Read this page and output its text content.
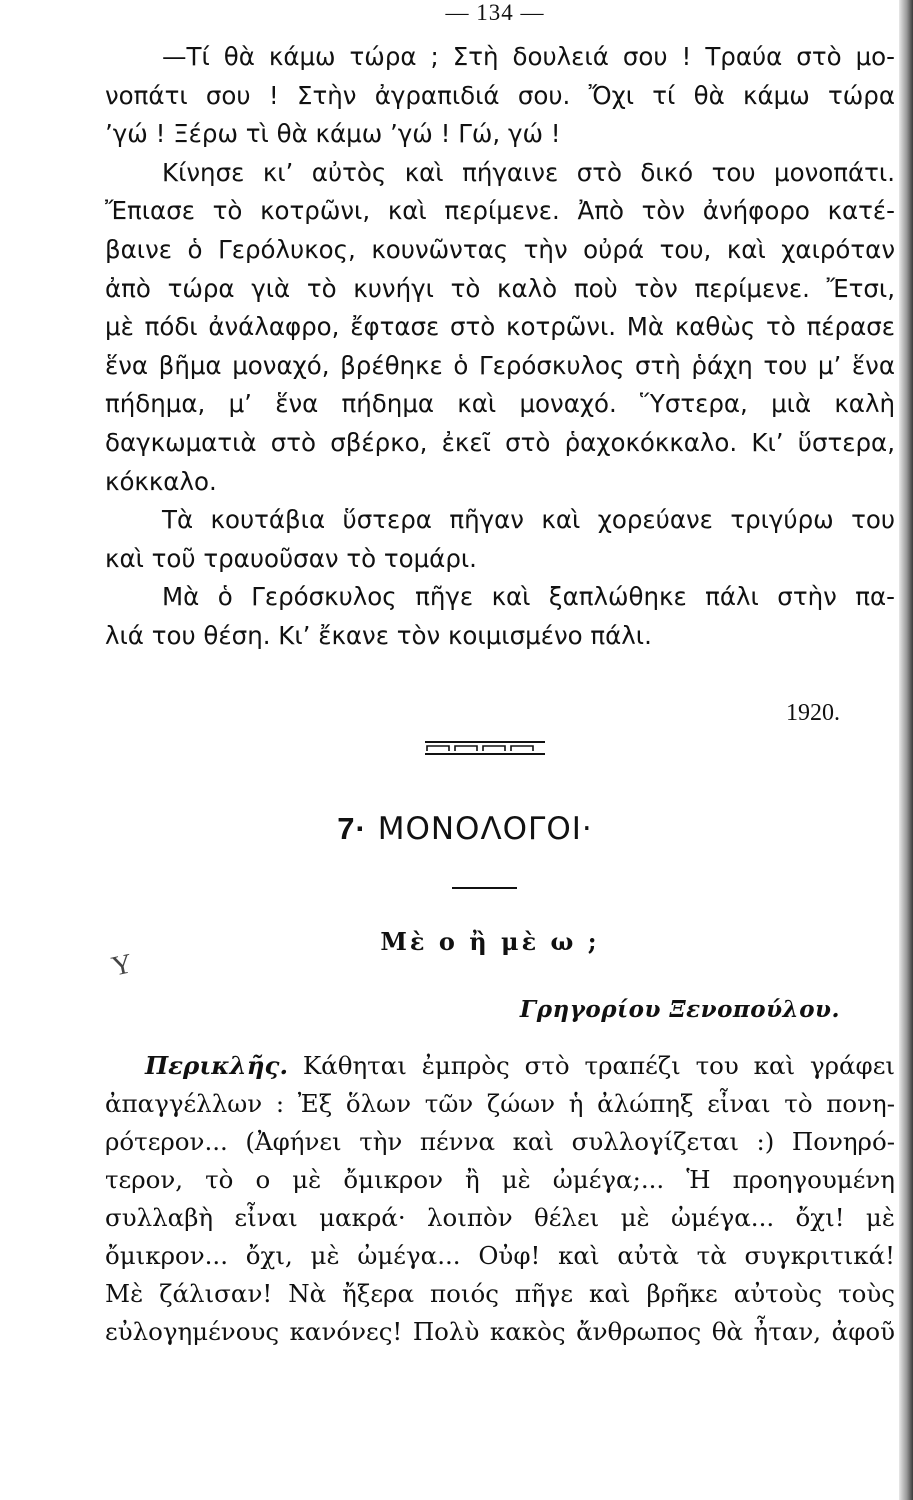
— 134 —
—Τί θὰ κάμω τώρα ; Στὴ δουλειά σου ! Τραύα στὸ μο-
νοπάτι σου ! Στὴν ἀγραπιδιά σου. Ὄχι τί θὰ κάμω τώρα
’γώ ! Ξέρω τὶ θὰ κάμω ’γώ ! Γώ, γώ !
Κίνησε κι’ αὐτὸς καὶ πήγαινε στὸ δικό του μονοπάτι.
Ἔπιασε τὸ κοτρῶνι, καὶ περίμενε. Ἀπὸ τὸν ἀνήφορο κατέ-
βαινε ὁ Γερόλυκος, κουνῶντας τὴν οὐρά του, καὶ χαιρόταν
ἀπὸ τώρα γιὰ τὸ κυνήγι τὸ καλὸ ποὺ τὸν περίμενε. Ἔτσι,
μὲ πόδι ἀνάλαφρο, ἔφτασε στὸ κοτρῶνι. Μὰ καθὼς τὸ πέρασε
ἕνα βῆμα μοναχό, βρέθηκε ὁ Γερόσκυλος στὴ ῥάχη του μ’ ἕνα
πήδημα, μ’ ἕνα πήδημα καὶ μοναχό. Ὕστερα, μιὰ καλὴ
δαγκωματιὰ στὸ σβέρκο, ἐκεῖ στὸ ῥαχοκόκκαλο. Κι’ ὕστερα,
κόκκαλο.
Τὰ κουτάβια ὕστερα πῆγαν καὶ χορεύανε τριγύρω του
καὶ τοῦ τραυοῦσαν τὸ τομάρι.
Μὰ ὁ Γερόσκυλος πῆγε καὶ ξαπλώθηκε πάλι στὴν πα-
λιά του θέση. Κι’ ἔκανε τὸν κοιμισμένο πάλι.
1920.
7· ΜΟΝΟΛΟΓΟΙ·
Μὲ ο ἢ μὲ ω ;
Y
Γρηγορίου Ξενοπούλου.
Περικλῆς. Κάθηται ἐμπρὸς στὸ τραπέζι του καὶ γράφει
ἀπαγγέλλων : Ἐξ ὅλων τῶν ζώων ἡ ἀλώπηξ εἶναι τὸ πονη-
ρότερον... (Ἀφήνει τὴν πέννα καὶ συλλογίζεται :) Πονηρό-
τερον, τὸ ο μὲ ὄμικρον ἢ μὲ ὠμέγα;... Ἡ προηγουμένη
συλλαβὴ εἶναι μακρά· λοιπὸν θέλει μὲ ὠμέγα... ὄχι! μὲ
ὄμικρον... ὄχι, μὲ ὠμέγα... Οὐφ! καὶ αὐτὰ τὰ συγκριτικά!
Μὲ ζάλισαν! Νὰ ἤξερα ποιός πῆγε καὶ βρῆκε αὐτοὺς τοὺς
εὐλογημένους κανόνες! Πολὺ κακὸς ἄνθρωπος θὰ ἦταν, ἀφοῦ
